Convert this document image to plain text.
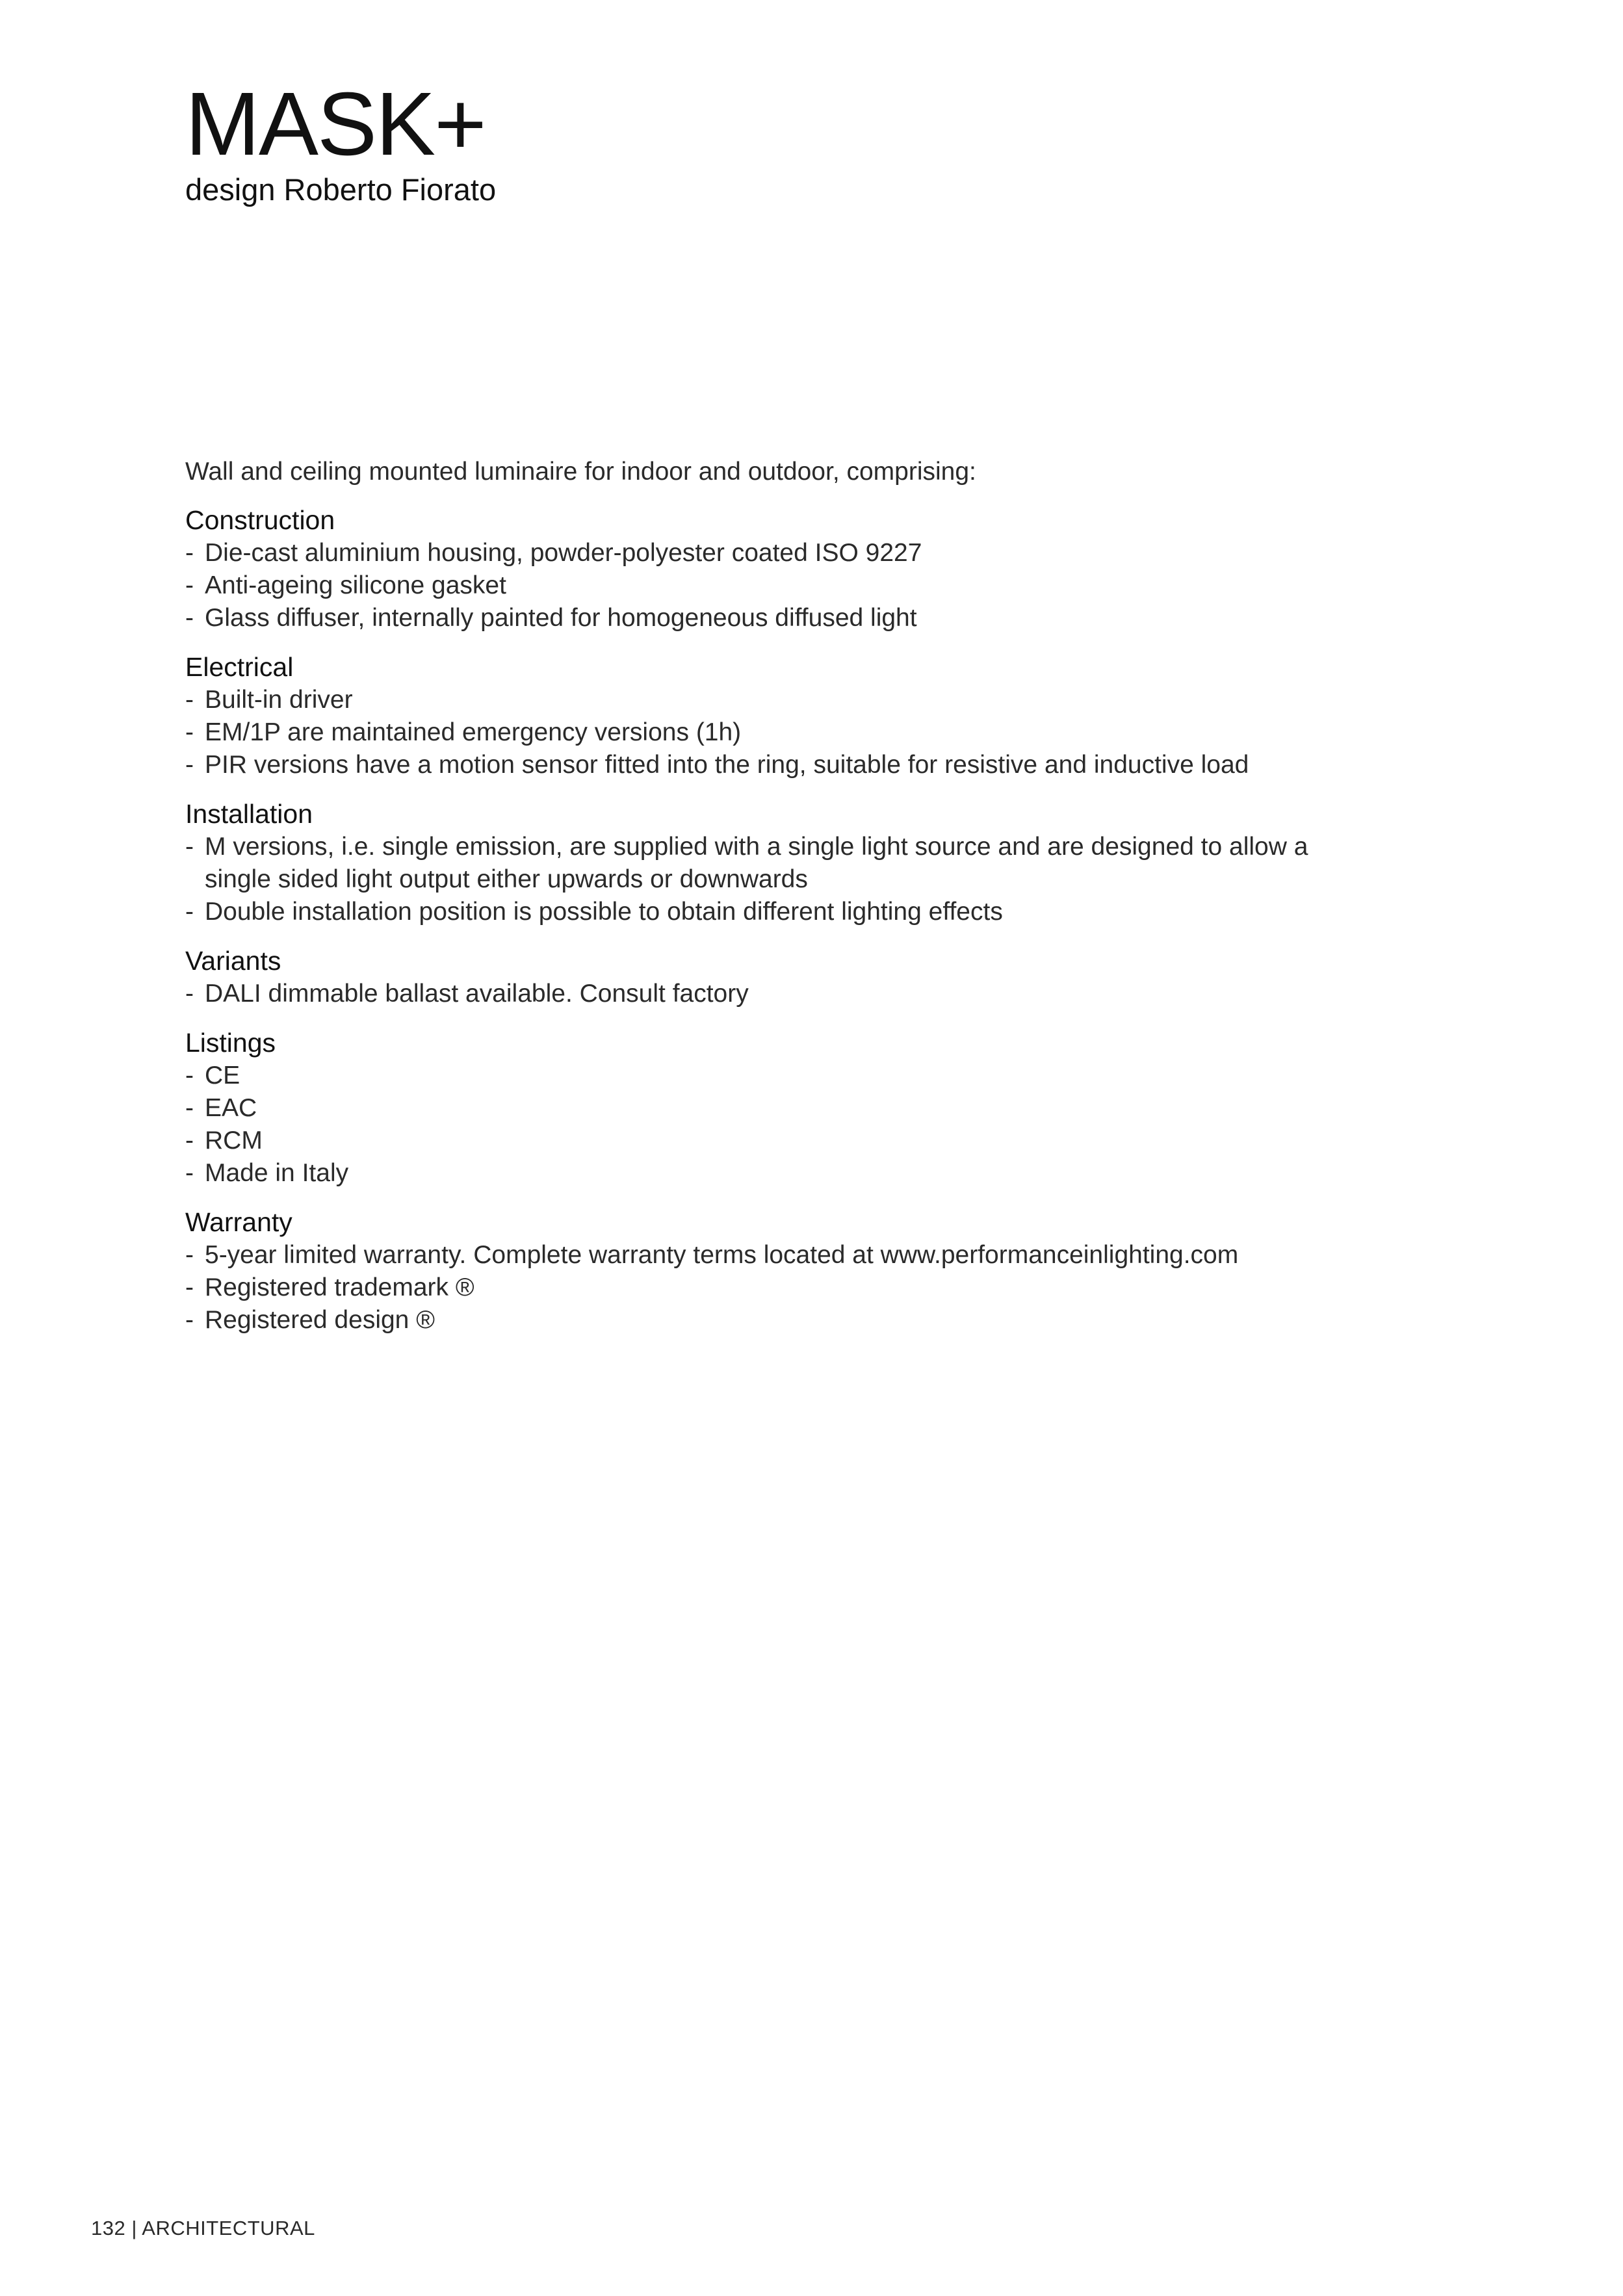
MASK+
design Roberto Fiorato

Wall and ceiling mounted luminaire for indoor and outdoor, comprising:

Construction
- Die-cast aluminium housing, powder-polyester coated ISO 9227
- Anti-ageing silicone gasket
- Glass diffuser, internally painted for homogeneous diffused light
Electrical
- Built-in driver
- EM/1P are maintained emergency versions (1h)
- PIR versions have a motion sensor fitted into the ring, suitable for resistive and inductive load
Installation
- M versions, i.e. single emission, are supplied with a single light source and are designed to allow a single sided light output either upwards or downwards
- Double installation position is possible to obtain different lighting effects
Variants
- DALI dimmable ballast available. Consult factory
Listings
- CE
- EAC
- RCM
- Made in Italy
Warranty
- 5-year limited warranty. Complete warranty terms located at www.performanceinlighting.com
- Registered trademark ®
- Registered design ®
132 | ARCHITECTURAL
